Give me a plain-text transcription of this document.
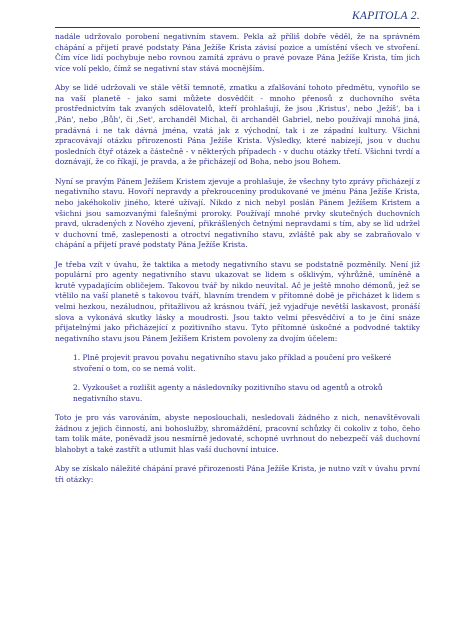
KAPITOLA 2.

nadále udržovalo porobení negativním stavem. Pekla až příliš dobře věděl, že na správném chápání a přijetí pravé podstaty Pána Ježíše Krista závisí pozice a umístění všech ve stvoření. Čím více lidí pochybuje nebo rovnou zamítá zprávu o pravé povaze Pána Ježíše Krista, tím jich více volí peklo, čímž se negativní stav stává mocnějším.

Aby se lidé udržovali ve stále větší temnotě, zmatku a zfalšování tohoto předmětu, vynořilo se na vaší planetě - jako sami můžete dosvědčit - mnoho přenosů z duchovního světa prostřednictvím tak zvaných sdělovatelů, kteří prohlašují, že jsou ‚Kristus', nebo ‚Ježíš', ba i ‚Pán', nebo ‚Bůh', či ‚Set', archanděl Michal, či archanděl Gabriel, nebo používají mnohá jiná, pradávná i ne tak dávná jména, vzatá jak z východní, tak i ze západní kultury. Všichni zpracovávají otázku přirozenosti Pána Ježíše Krista. Výsledky, které nabízejí, jsou v duchu posledních čtyř otázek a částečně - v některých případech - v duchu otázky třetí. Všichni tvrdí a doznávají, že co říkají, je pravda, a že přicházejí od Boha, nebo jsou Bohem.

Nyní se pravým Pánem Ježíšem Kristem zjevuje a prohlašuje, že všechny tyto zprávy přicházejí z negativního stavu. Hovoří nepravdy a překrouceniny produkované ve jménu Pána Ježíše Krista, nebo jakéhokoliv jiného, které užívají. Nikdo z nich nebyl poslán Pánem Ježíšem Kristem a všichni jsou samozvanými falešnými proroky. Používají mnohé prvky skutečných duchovních pravd, ukradených z Nového zjevení, přikrášlených četnými nepravdami s tím, aby se lid udržel v duchovní tmě, zaslepenosti a otroctví negativního stavu, zvláště pak aby se zabraňovalo v chápání a přijetí pravé podstaty Pána Ježíše Krista.

Je třeba vzít v úvahu, že taktika a metody negativního stavu se podstatně pozměnily. Není již populární pro agenty negativního stavu ukazovat se lidem s ošklivým, výhrůžně, umíněně a krutě vypadajícím obličejem. Takovou tvář by nikdo neuvítal. Ač je ještě mnoho démonů, jež se vtělilo na vaší planetě s takovou tváří, hlavním trendem v přítomné době je přicházet k lidem s velmi hezkou, nezáludnou, přitažlivou až krásnou tváří, jež vyjadřuje nevětší laskavost, pronáší slova a vykonává skutky lásky a moudrosti. Jsou takto velmi přesvědčiví a to je činí snáze přijatelnými jako přicházející z pozitivního stavu. Tyto přítomné úskočné a podvodné taktiky negativního stavu jsou Pánem Ježíšem Kristem povoleny za dvojím účelem:

1. Plně projevit pravou povahu negativního stavu jako příklad a poučení pro veškeré stvoření o tom, co se nemá volit.

2. Vyzkoušet a rozlišit agenty a následovníky pozitivního stavu od agentů a otroků negativního stavu.

Toto je pro vás varováním, abyste neposlouchali, nesledovali žádného z nich, nenavštěvovali žádnou z jejich činností, ani bohoslužby, shromáždění, pracovní schůzky či cokoliv z toho, čeho tam tolik máte, poněvadž jsou nesmírně jedovaté, schopné uvrhnout do nebezpečí váš duchovní blahobyt a také zastřít a utlumit hlas vaší duchovní intuice.

Aby se získalo náležité chápání pravé přirozenosti Pána Ježíše Krista, je nutno vzít v úvahu první tři otázky:
